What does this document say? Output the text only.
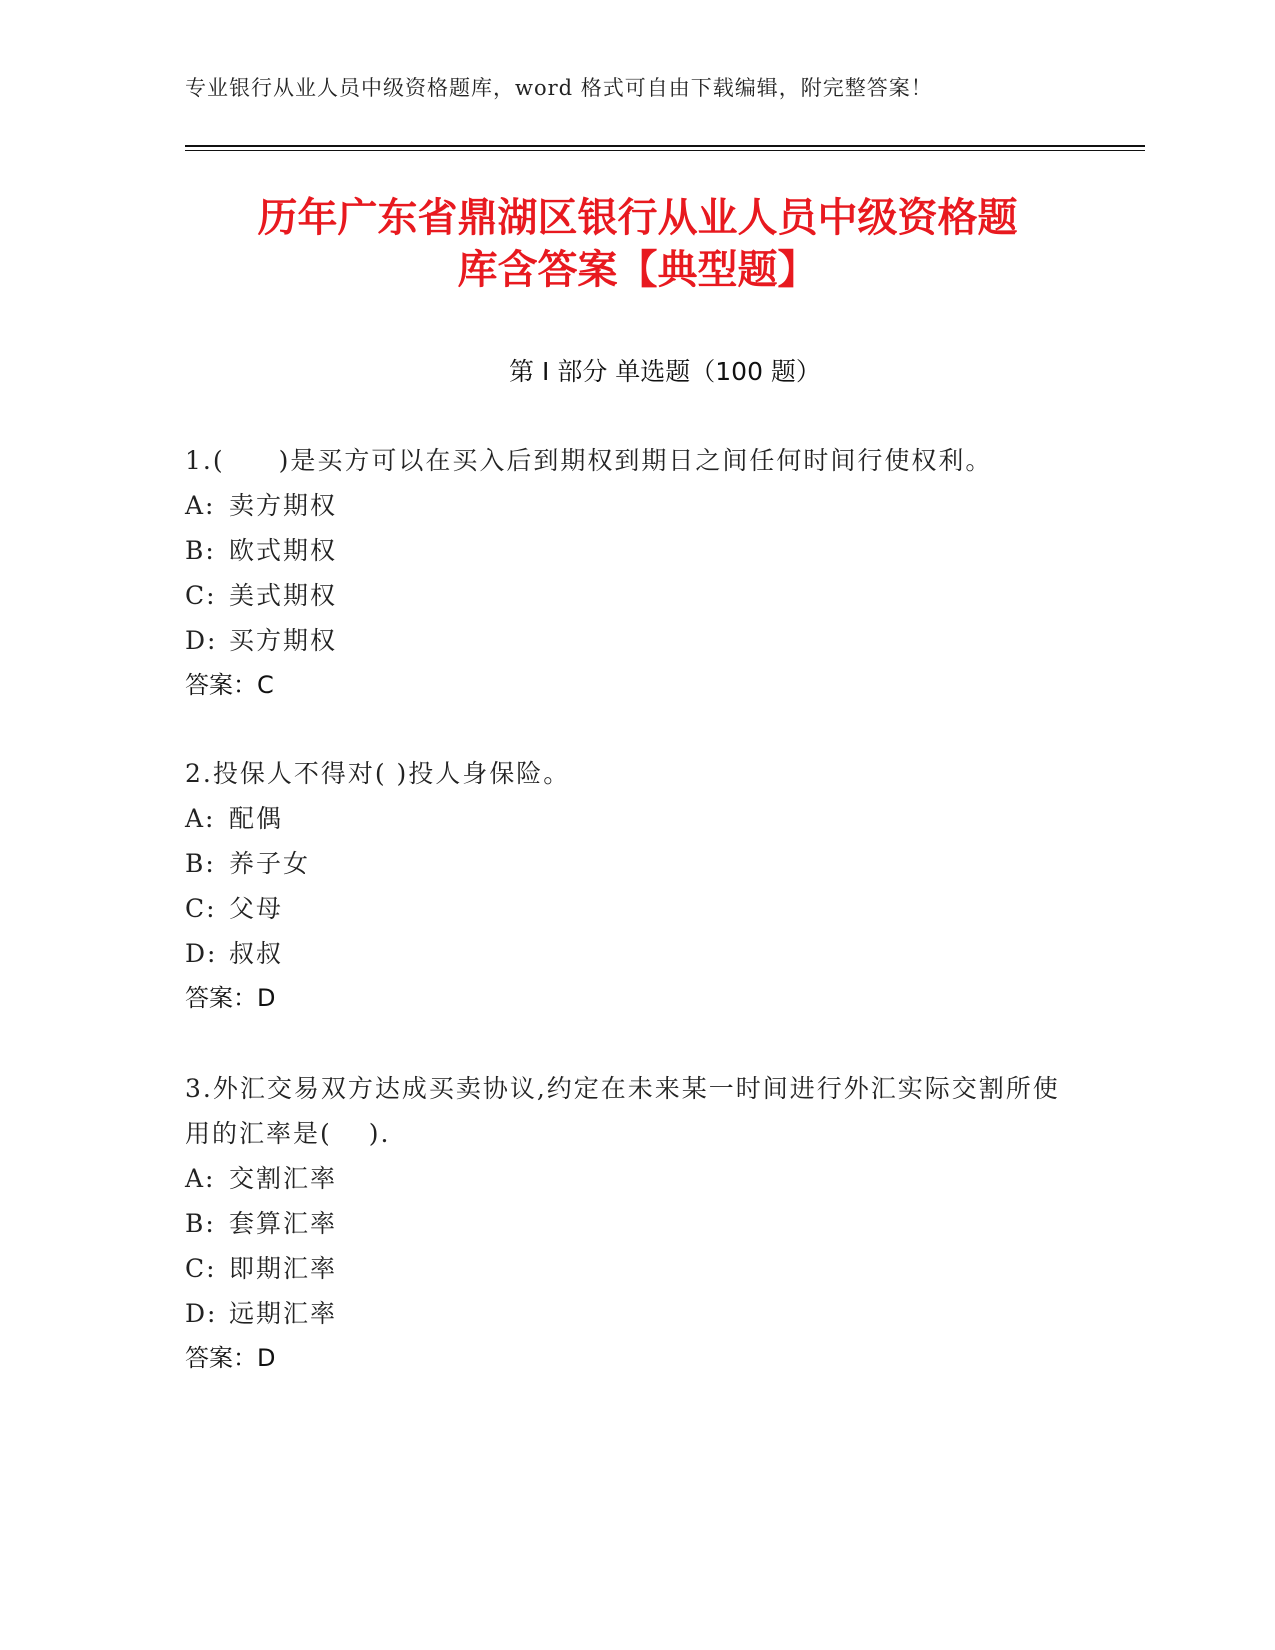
专业银行从业人员中级资格题库，word 格式可自由下载编辑，附完整答案！
历年广东省鼎湖区银行从业人员中级资格题
库含答案【典型题】
第 I 部分 单选题（100 题）
1.(　　)是买方可以在买入后到期权到期日之间任何时间行使权利。
A: 卖方期权
B: 欧式期权
C: 美式期权
D: 买方期权
答案：C
2.投保人不得对( )投人身保险。
A: 配偶
B: 养子女
C: 父母
D: 叔叔
答案：D
3.外汇交易双方达成买卖协议,约定在未来某一时间进行外汇实际交割所使用的汇率是(　 ).
A: 交割汇率
B: 套算汇率
C: 即期汇率
D: 远期汇率
答案：D
